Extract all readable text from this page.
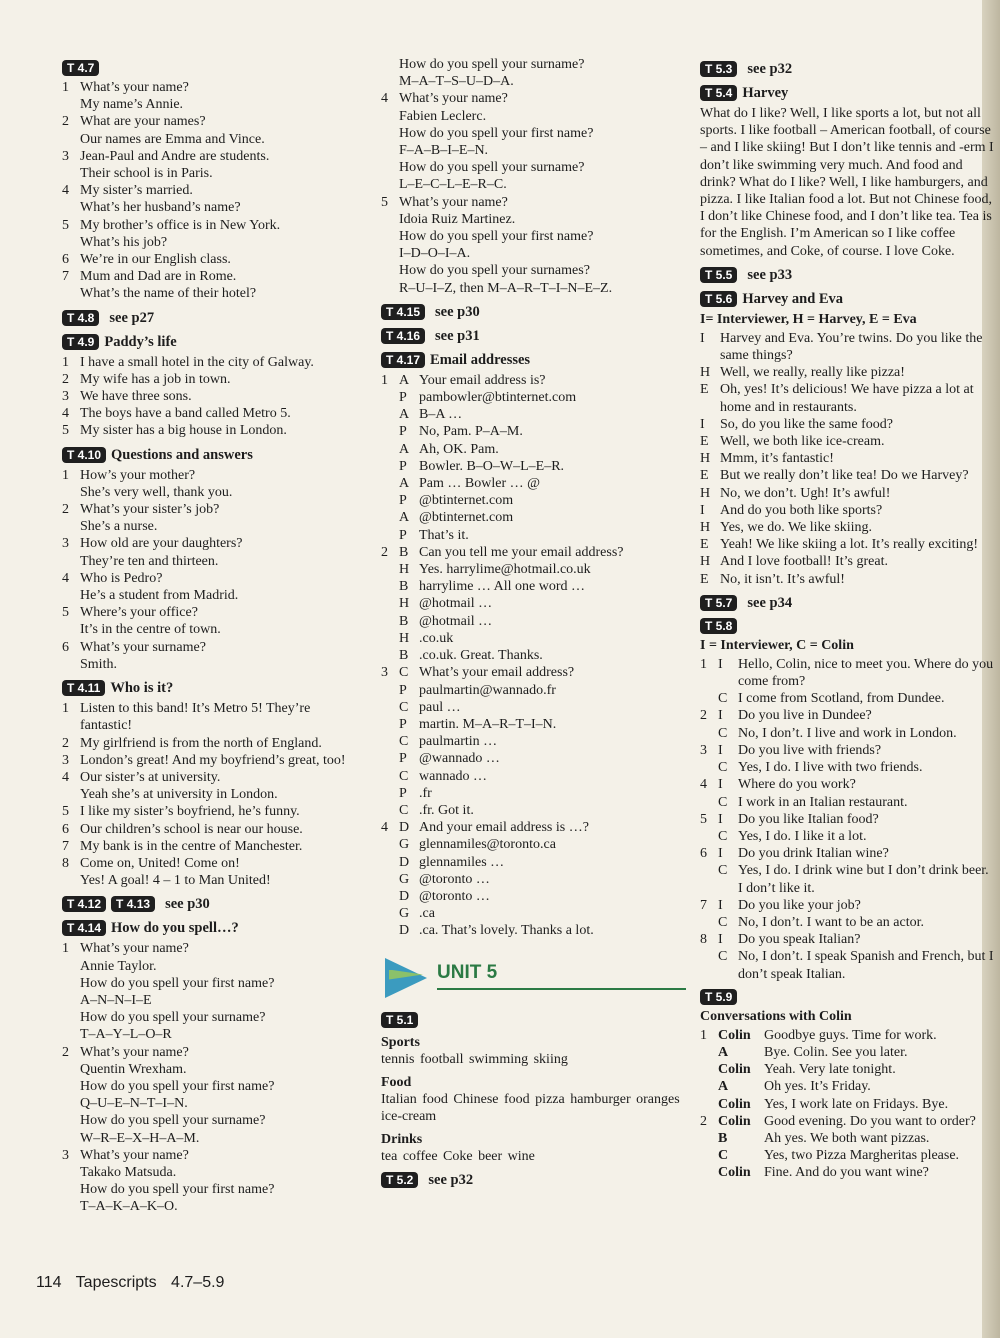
T 4.7
1 What’s your name?
My name’s Annie.
2 What are your names?
Our names are Emma and Vince.
3 Jean-Paul and Andre are students.
Their school is in Paris.
4 My sister’s married.
What’s her husband’s name?
5 My brother’s office is in New York.
What’s his job?
6 We’re in our English class.
7 Mum and Dad are in Rome.
What’s the name of their hotel?
T 4.8	see p27
T 4.9 Paddy’s life
1 I have a small hotel in the city of Galway.
2 My wife has a job in town.
3 We have three sons.
4 The boys have a band called Metro 5.
5 My sister has a big house in London.
T 4.10 Questions and answers
1 How’s your mother?
She’s very well, thank you.
2 What’s your sister’s job?
She’s a nurse.
3 How old are your daughters?
They’re ten and thirteen.
4 Who is Pedro?
He’s a student from Madrid.
5 Where’s your office?
It’s in the centre of town.
6 What’s your surname?
Smith.
T 4.11 Who is it?
1 Listen to this band! It’s Metro 5! They’re fantastic!
2 My girlfriend is from the north of England.
3 London’s great! And my boyfriend’s great, too!
4 Our sister’s at university.
Yeah she’s at university in London.
5 I like my sister’s boyfriend, he’s funny.
6 Our children’s school is near our house.
7 My bank is in the centre of Manchester.
8 Come on, United! Come on!
Yes! A goal! 4 – 1 to Man United!
T 4.12	T 4.13	see p30
T 4.14 How do you spell…?
1 What’s your name?
Annie Taylor.
How do you spell your first name?
A–N–N–I–E
How do you spell your surname?
T–A–Y–L–O–R
2 What’s your name?
Quentin Wrexham.
How do you spell your first name?
Q–U–E–N–T–I–N.
How do you spell your surname?
W–R–E–X–H–A–M.
3 What’s your name?
Takako Matsuda.
How do you spell your first name?
T–A–K–A–K–O.
How do you spell your surname?
M–A–T–S–U–D–A.
4 What’s your name?
Fabien Leclerc.
How do you spell your first name?
F–A–B–I–E–N.
How do you spell your surname?
L–E–C–L–E–R–C.
5 What’s your name?
Idoia Ruiz Martinez.
How do you spell your first name?
I–D–O–I–A.
How do you spell your surnames?
R–U–I–Z, then M–A–R–T–I–N–E–Z.
T 4.15	see p30
T 4.16	see p31
T 4.17 Email addresses
1 A Your email address is?
P pambowler@btinternet.com
A B–A …
P No, Pam. P–A–M.
A Ah, OK. Pam.
P Bowler. B–O–W–L–E–R.
A Pam … Bowler … @
P @btinternet.com
A @btinternet.com
P That’s it.
2 B Can you tell me your email address?
H Yes. harrylime@hotmail.co.uk
B harrylime … All one word …
H @hotmail …
B @hotmail …
H .co.uk
B .co.uk. Great. Thanks.
3 C What’s your email address?
P paulmartin@wannado.fr
C paul …
P martin. M–A–R–T–I–N.
C paulmartin …
P @wannado …
C wannado …
P .fr
C .fr. Got it.
4 D And your email address is …?
G glennamiles@toronto.ca
D glennamiles …
G @toronto …
D @toronto …
G .ca
D .ca. That’s lovely. Thanks a lot.
UNIT 5
T 5.1
Sports
tennis football swimming skiing
Food
Italian food Chinese food pizza hamburger oranges ice-cream
Drinks
tea coffee Coke beer wine
T 5.2	see p32
T 5.3	see p32
T 5.4 Harvey
What do I like? Well, I like sports a lot, but not all sports. I like football – American football, of course – and I like skiing! But I don’t like tennis and -erm I don’t like swimming very much. And food and drink? What do I like? Well, I like hamburgers, and pizza. I like Italian food a lot. But not Chinese food, I don’t like Chinese food, and I don’t like tea. Tea is for the English. I’m American so I like coffee sometimes, and Coke, of course. I love Coke.
T 5.5	see p33
T 5.6 Harvey and Eva
I= Interviewer, H = Harvey, E = Eva
I	Harvey and Eva. You’re twins. Do you like the same things?
H Well, we really, really like pizza!
E Oh, yes! It’s delicious! We have pizza a lot at home and in restaurants.
I	So, do you like the same food?
E Well, we both like ice-cream.
H Mmm, it’s fantastic!
E But we really don’t like tea! Do we Harvey?
H No, we don’t. Ugh! It’s awful!
I	And do you both like sports?
H Yes, we do. We like skiing.
E Yeah! We like skiing a lot. It’s really exciting!
H And I love football! It’s great.
E No, it isn’t. It’s awful!
T 5.7	see p34
T 5.8
I = Interviewer, C = Colin
1 I	Hello, Colin, nice to meet you. Where do you come from?
C I come from Scotland, from Dundee.
2 I	Do you live in Dundee?
C No, I don’t. I live and work in London.
3 I	Do you live with friends?
C Yes, I do. I live with two friends.
4 I	Where do you work?
C I work in an Italian restaurant.
5 I	Do you like Italian food?
C Yes, I do. I like it a lot.
6 I	Do you drink Italian wine?
C Yes, I do. I drink wine but I don’t drink beer. I don’t like it.
7 I	Do you like your job?
C No, I don’t. I want to be an actor.
8 I	Do you speak Italian?
C No, I don’t. I speak Spanish and French, but I don’t speak Italian.
T 5.9
Conversations with Colin
1 Colin Goodbye guys. Time for work.
A	Bye. Colin. See you later.
Colin Yeah. Very late tonight.
A	Oh yes. It’s Friday.
Colin Yes, I work late on Fridays. Bye.
2 Colin Good evening. Do you want to order?
B	Ah yes. We both want pizzas.
C	Yes, two Pizza Margheritas please.
Colin Fine. And do you want wine?
114 Tapescripts 4.7–5.9
